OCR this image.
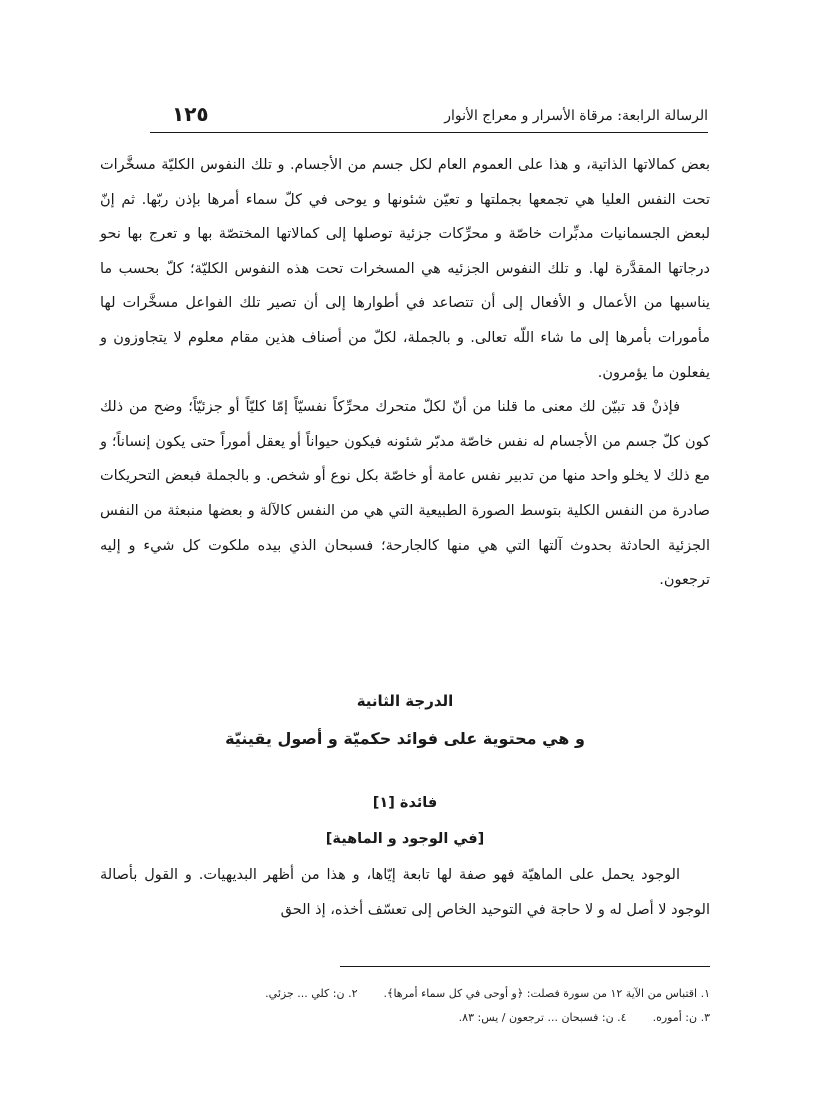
١٢٥	الرسالة الرابعة: مرقاة الأسرار و معراج الأنوار

بعض كمالاتها الذاتية، و هذا على العموم العام لكل جسم من الأجسام. و تلك النفوس الكليّة مسخَّرات تحت النفس العليا هي تجمعها بجملتها و تعيّن شئونها و يوحى في كلّ سماء أمرها بإذن ربّها. ثم إنّ لبعض الجسمانيات مدبِّرات خاصّة و محرِّكات جزئية توصلها إلى كمالاتها المختصّة بها و تعرج بها نحو درجاتها المقدَّرة لها. و تلك النفوس الجزئيه هي المسخرات تحت هذه النفوس الكليّة؛ كلّ بحسب ما يناسبها من الأعمال و الأفعال إلى أن تتصاعد في أطوارها إلى أن تصير تلك الفواعل مسخَّرات لها مأمورات بأمرها إلى ما شاء اللّه تعالى. و بالجملة، لكلّ من أصناف هذين مقام معلوم لا يتجاوزون و يفعلون ما يؤمرون.

فإذنْ قد تبيّن لك معنى ما قلنا من أنّ لكلّ متحرك محرِّكاً نفسيّاً إمّا كليّاً أو جزئيّاً؛ وضح من ذلك كون كلّ جسم من الأجسام له نفس خاصّة مدبّر شئونه فيكون حيواناً أو يعقل أموراً حتى يكون إنساناً؛ و مع ذلك لا يخلو واحد منها من تدبير نفس عامة أو خاصّة بكل نوع أو شخص. و بالجملة فبعض التحريكات صادرة من النفس الكلية بتوسط الصورة الطبيعية التي هي من النفس كالآلة و بعضها منبعثة من النفس الجزئية الحادثة بحدوث آلتها التي هي منها كالجارحة؛ فسبحان الذي بيده ملكوت كل شيء و إليه ترجعون.

الدرجة الثانية

و هي محتوية على فوائد حكميّة و أصول يقينيّة

فائدة [١]

[في الوجود و الماهية]

الوجود يحمل على الماهيّة فهو صفة لها تابعة إيّاها، و هذا من أظهر البديهيات. و القول بأصالة الوجود لا أصل له و لا حاجة في التوحيد الخاص إلى تعسّف أخذه، إذ الحق

١. اقتباس من الآية ١٢ من سورة فصلت: ﴿و أوحى في كل سماء أمرها﴾.
٢. ن: كلي ... جزئي.
٣. ن: أموره.
٤. ن: فسبحان ... ترجعون / يس: ٨٣.
